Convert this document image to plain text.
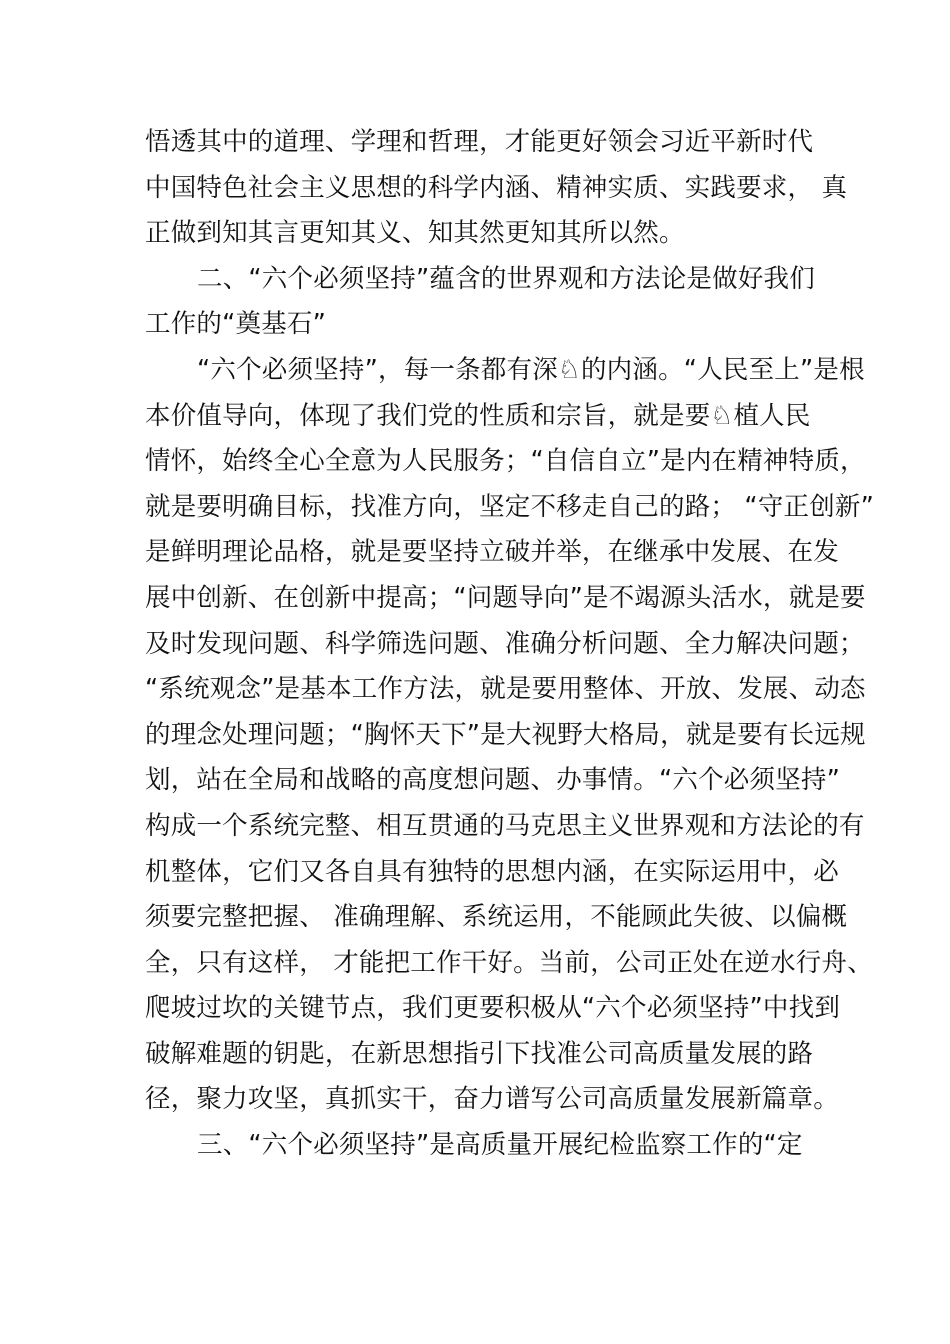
悟透其中的道理、学理和哲理，才能更好领会习近平新时代
中国特色社会主义思想的科学内涵、精神实质、实践要求， 真
正做到知其言更知其义、知其然更知其所以然。
二、“六个必须坚持”蕴含的世界观和方法论是做好我们
工作的“奠基石”
“六个必须坚持”，每一条都有深♘的内涵。“人民至上”是根
本价值导向，体现了我们党的性质和宗旨，就是要♘植人民
情怀，始终全心全意为人民服务；“自信自立”是内在精神特质，
就是要明确目标，找准方向，坚定不移走自己的路； “守正创新”
是鲜明理论品格，就是要坚持立破并举，在继承中发展、在发
展中创新、在创新中提高；“问题导向”是不竭源头活水，就是要
及时发现问题、科学筛选问题、准确分析问题、全力解决问题；
“系统观念”是基本工作方法，就是要用整体、开放、发展、动态
的理念处理问题；“胸怀天下”是大视野大格局，就是要有长远规
划，站在全局和战略的高度想问题、办事情。“六个必须坚持”
构成一个系统完整、相互贯通的马克思主义世界观和方法论的有
机整体，它们又各自具有独特的思想内涵，在实际运用中，必
须要完整把握、 准确理解、系统运用，不能顾此失彼、以偏概
全，只有这样， 才能把工作干好。当前，公司正处在逆水行舟、
爬坡过坎的关键节点，我们更要积极从“六个必须坚持”中找到
破解难题的钥匙，在新思想指引下找准公司高质量发展的路
径，聚力攻坚，真抓实干，奋力谱写公司高质量发展新篇章。
三、“六个必须坚持”是高质量开展纪检监察工作的“定
